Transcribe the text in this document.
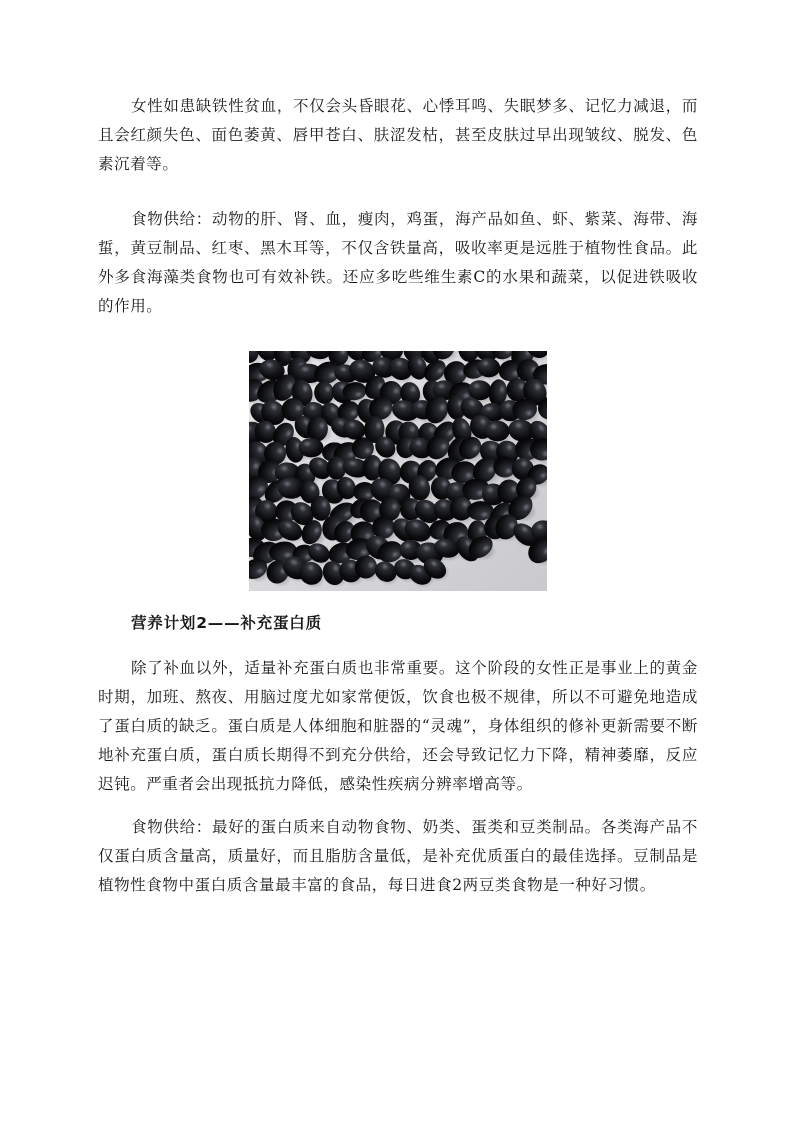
女性如患缺铁性贫血，不仅会头昏眼花、心悸耳鸣、失眠梦多、记忆力减退，而且会红颜失色、面色萎黄、唇甲苍白、肤涩发枯，甚至皮肤过早出现皱纹、脱发、色素沉着等。

食物供给：动物的肝、肾、血，瘦肉，鸡蛋，海产品如鱼、虾、紫菜、海带、海蜇，黄豆制品、红枣、黑木耳等，不仅含铁量高，吸收率更是远胜于植物性食品。此外多食海藻类食物也可有效补铁。还应多吃些维生素C的水果和蔬菜，以促进铁吸收的作用。

营养计划2——补充蛋白质

除了补血以外，适量补充蛋白质也非常重要。这个阶段的女性正是事业上的黄金时期，加班、熬夜、用脑过度尤如家常便饭，饮食也极不规律，所以不可避免地造成了蛋白质的缺乏。蛋白质是人体细胞和脏器的“灵魂”，身体组织的修补更新需要不断地补充蛋白质，蛋白质长期得不到充分供给，还会导致记忆力下降，精神萎靡，反应迟钝。严重者会出现抵抗力降低，感染性疾病分辨率增高等。

食物供给：最好的蛋白质来自动物食物、奶类、蛋类和豆类制品。各类海产品不仅蛋白质含量高，质量好，而且脂肪含量低，是补充优质蛋白的最佳选择。豆制品是植物性食物中蛋白质含量最丰富的食品，每日进食2两豆类食物是一种好习惯。
